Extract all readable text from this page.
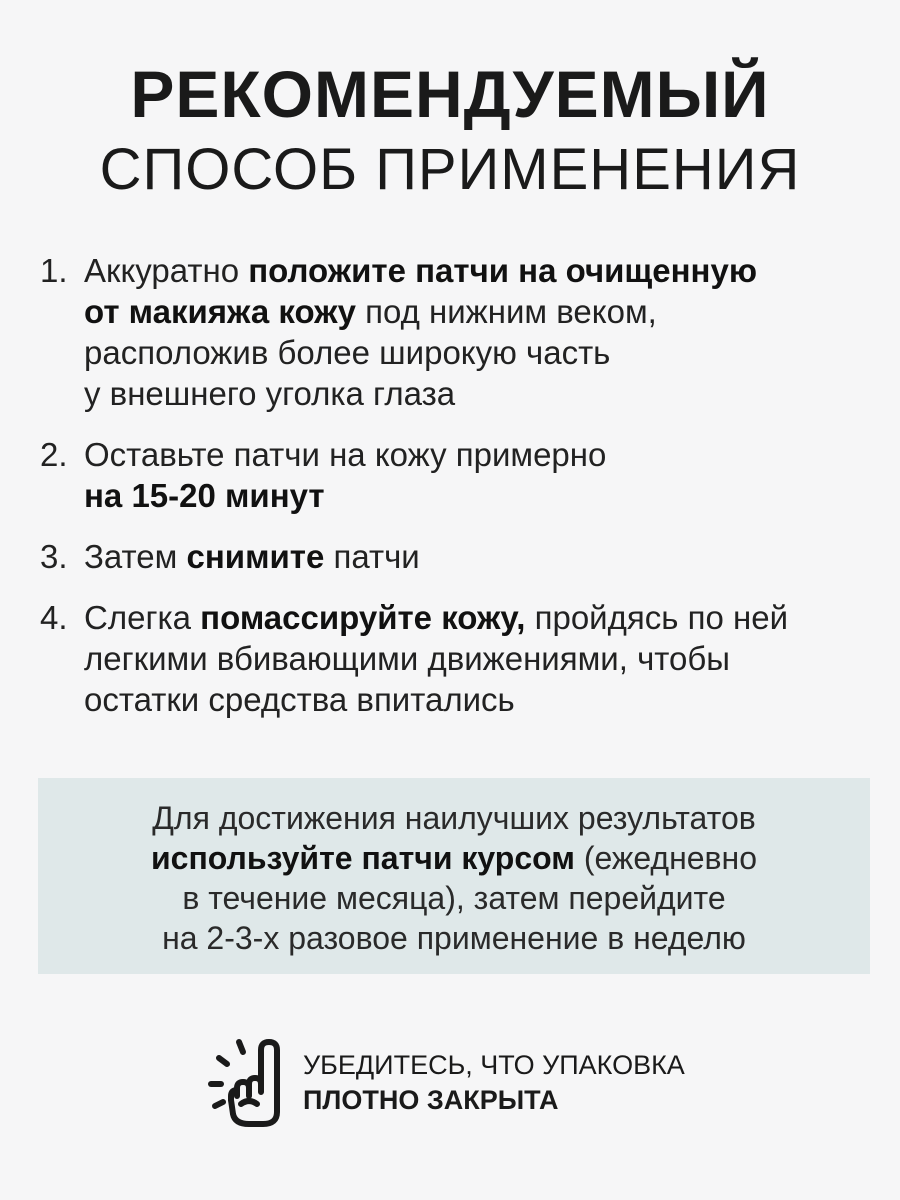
РЕКОМЕНДУЕМЫЙ
СПОСОБ ПРИМЕНЕНИЯ
1. Аккуратно положите патчи на очищенную
от макияжа кожу под нижним веком,
расположив более широкую часть
у внешнего уголка глаза
2. Оставьте патчи на кожу примерно
на 15-20 минут
3. Затем снимите патчи
4. Слегка помассируйте кожу, пройдясь по ней
легкими вбивающими движениями, чтобы
остатки средства впитались
Для достижения наилучших результатов
используйте патчи курсом (ежедневно
в течение месяца), затем перейдите
на 2-3-х разовое применение в неделю
УБЕДИТЕСЬ, ЧТО УПАКОВКА
ПЛОТНО ЗАКРЫТА
